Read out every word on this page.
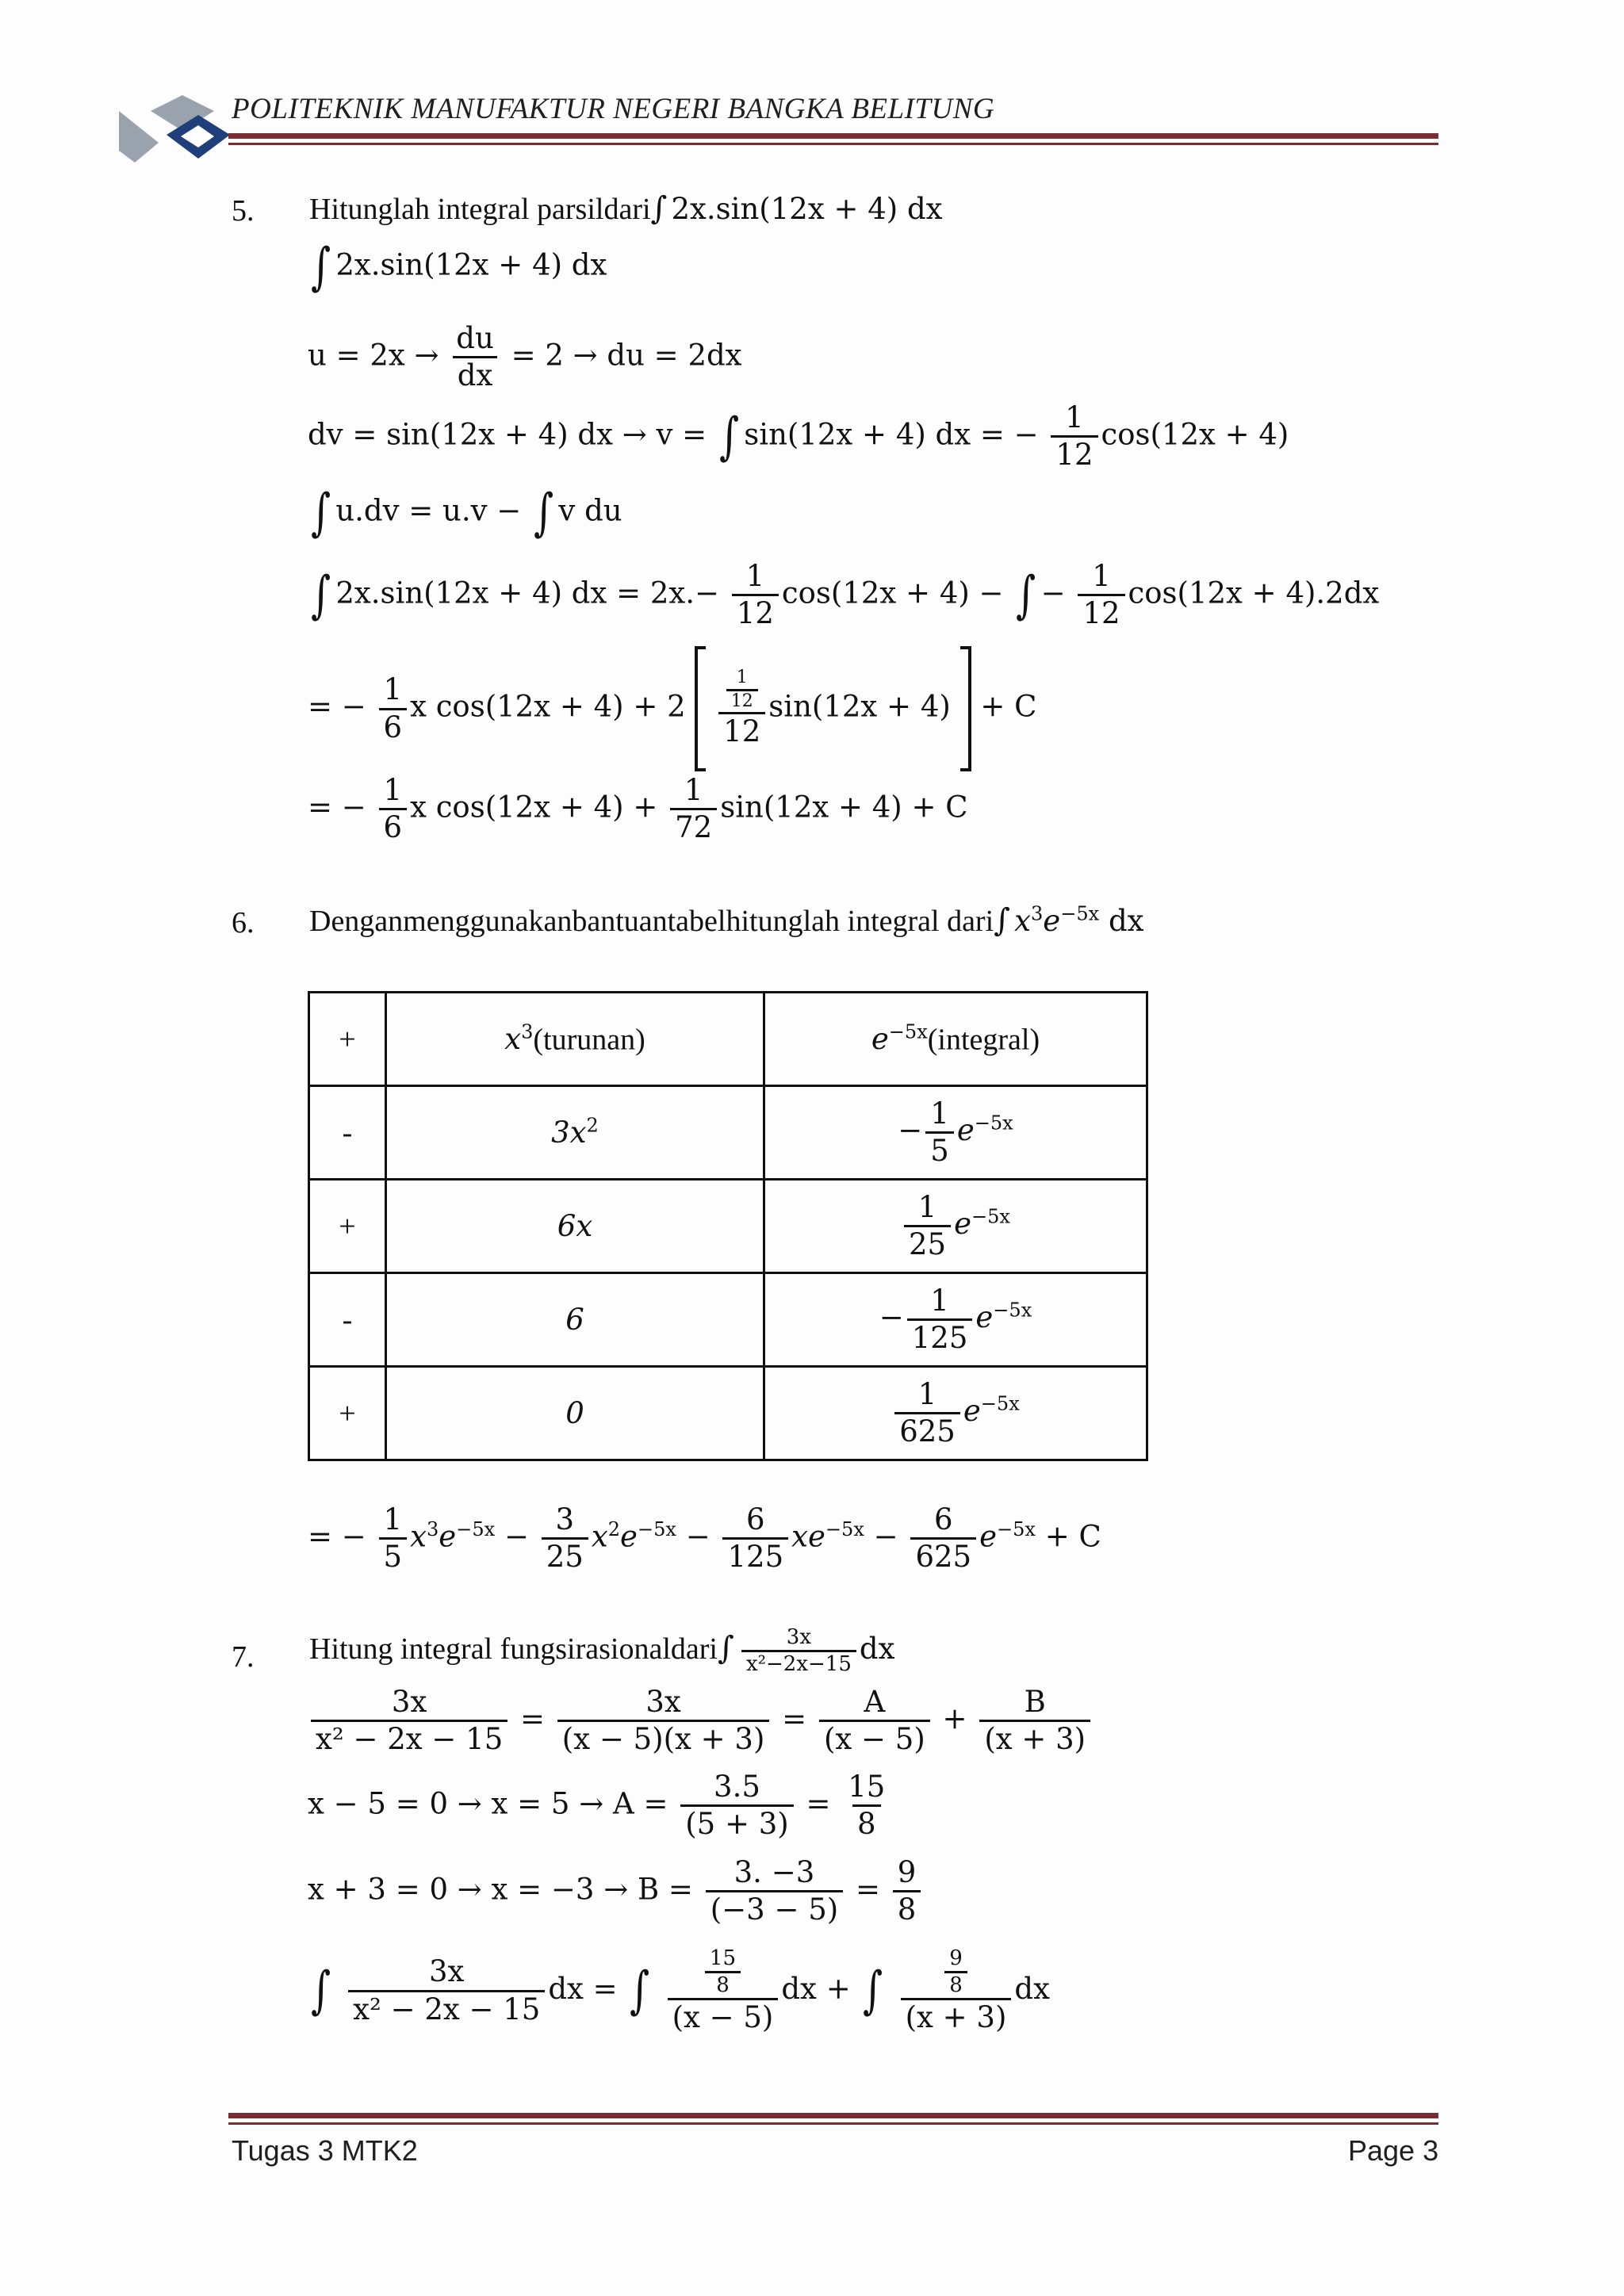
POLITEKNIK MANUFAKTUR NEGERI BANGKA BELITUNG
5. Hitunglah integral parsildari∫ 2x.sin(12x + 4) dx
∫ 2x.sin(12x + 4) dx
$u = 2x \to \frac{du}{dx} = 2$ → du = 2dx
dv = sin(12x + 4) dx → v = ∫ sin(12x + 4) dx = − $\frac{1}{12} \cos(12x + 4)$
∫ u.dv = u.v − ∫ v du
∫ 2x.sin(12x + 4) dx = $2x.- \frac{1}{12} \cos(12x + 4)$ − ∫ − $\frac{1}{12} \cos(12x + 4).2dx$
= − $\frac{1}{6}$ x $\cos(12x + 4) + 2 \frac{\frac{1}{12}}{12} \sin(12x + 4) + C$
= − $\frac{1}{6}$ x $\cos(12x + 4) + \frac{1}{72} \sin(12x + 4) + C$
6. Denganmenggunakanbantuantabelhitunglah integral dari∫ $x^3e^{-5x}$ dx
+	$x^3(turunan)$	$e^{-5x}(integral)$
-	$3x^2$	− $\frac{1}{5} e^{-5x}$
+	6x	$\frac{1}{25} e^{-5x}$
-	6	− $\frac{1}{125} e^{-5x}$
+	0	$\frac{1}{625} e^{-5x}$
= − $\frac{1}{5} x^3e^{-5x} - \frac{3}{25} x^2e^{-5x} - \frac{6}{125} xe^{-5x} - \frac{6}{625} e^{-5x} + C$
7. Hitung integral fungsirasionaldari∫ $\frac{3x}{\text{x²−2x−15}}$ dx
$\frac{3x}{\text{x² − 2x − 15}} = \frac{3x}{(x - 5)(x + 3)} = \frac{A}{(x - 5)} + \frac{B}{(x + 3)}$
$x - 5 = 0 \to x = 5 \to A = \frac{3.5}{(5 + 3)} = \frac{15}{8}$
$x + 3 = 0 \to x = -3 \to B = \frac{3. -3}{(-3 - 5)} = \frac{9}{8}$
∫ $\frac{3x}{\text{x² − 2x − 15}}$ dx = ∫ $\frac{\frac{15}{8}}{(x - 5)}$ dx + ∫ $\frac{\frac{9}{8}}{(x + 3)}$ dx
Tugas 3 MTK2	Page 3
